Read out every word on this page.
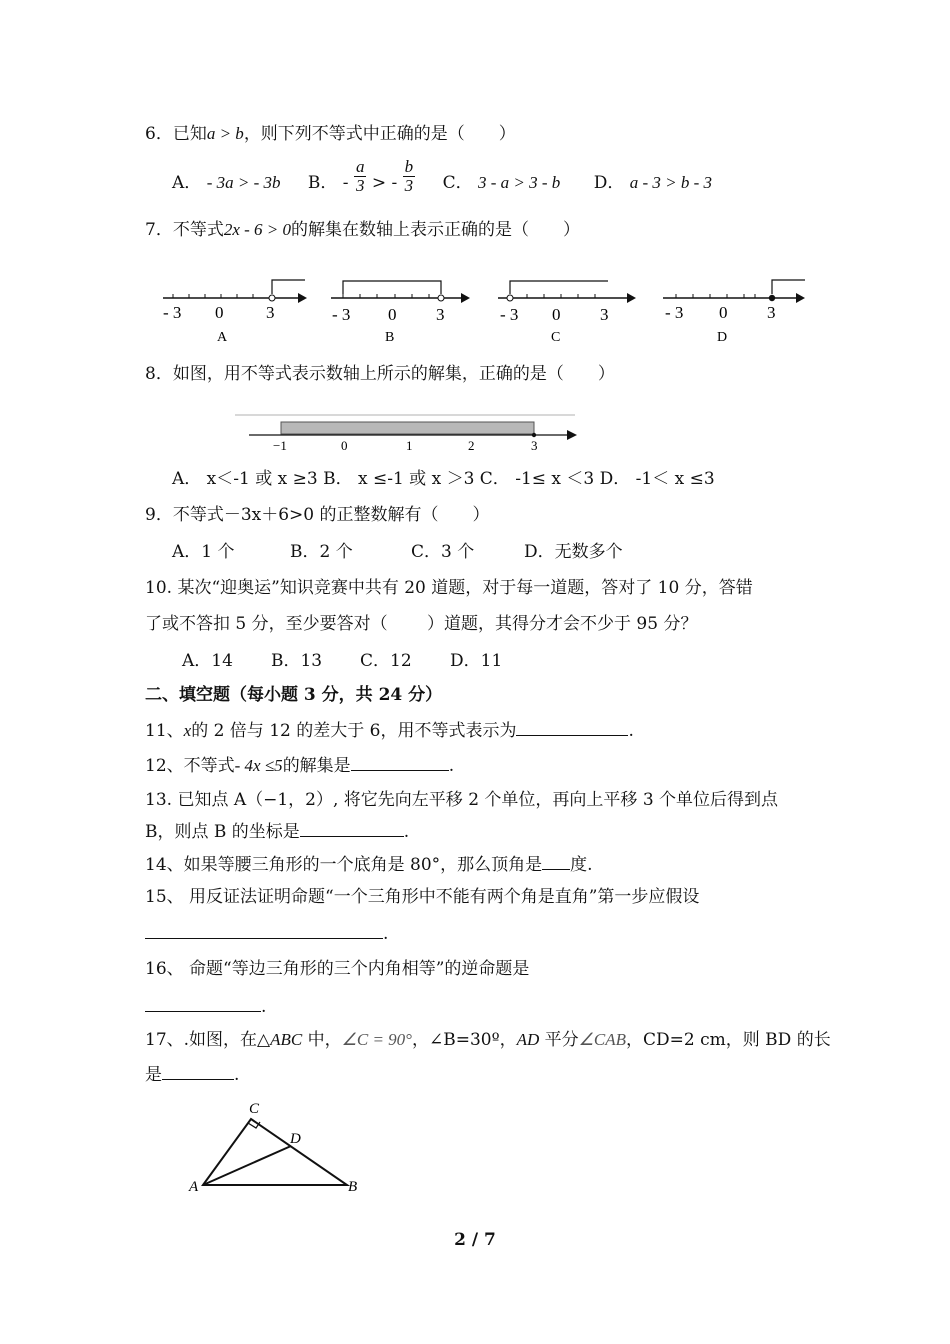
6．已知a > b，则下列不等式中正确的是（　　）
A． - 3a > - 3b B． - $\frac{a}{3}$ > - $\frac{b}{3}$ C． 3 - a > 3 - b D． a - 3 > b - 3
7．不等式2x - 6 > 0的解集在数轴上表示正确的是（　　）
- 3 0	3
A
- 3 0 3
B
- 3 0 3
C
- 3 0 3
D
8．如图，用不等式表示数轴上所示的解集，正确的是（　　）
−1	0	1	2	3
A． x＜-1 或 x ≥3 B． x ≤-1 或 x ＞3 C． -1≤ x ＜3 D． -1＜ x ≤3
9．不等式－3x＋6>0 的正整数解有（　　）
A．1 个	B．2 个	C．3 个	D．无数多个
10. 某次“迎奥运”知识竞赛中共有 20 道题，对于每一道题，答对了 10 分，答错
了或不答扣 5 分，至少要答对（　　 ）道题，其得分才会不少于 95 分？
A．14 B．13 C．12 D．11
二、填空题（每小题 3 分，共 24 分）
11、x的 2 倍与 12 的差大于 6，用不等式表示为	.
12、不等式- 4x ≤5的解集是	.
13. 已知点 A（−1，2）, 将它先向左平移 2 个单位，再向上平移 3 个单位后得到点
B，则点 B 的坐标是	.
14、如果等腰三角形的一个底角是 80°，那么顶角是 度.
15、 用反证法证明命题“一个三角形中不能有两个角是直角”第一步应假设
.
16、 命题“等边三角形的三个内角相等”的逆命题是
.
17、.如图，在△ABC 中，∠C = 90°，∠B=30º，AD 平分∠CAB，CD=2 cm，则 BD 的长
是	.
C
D
A	B
2 / 7
